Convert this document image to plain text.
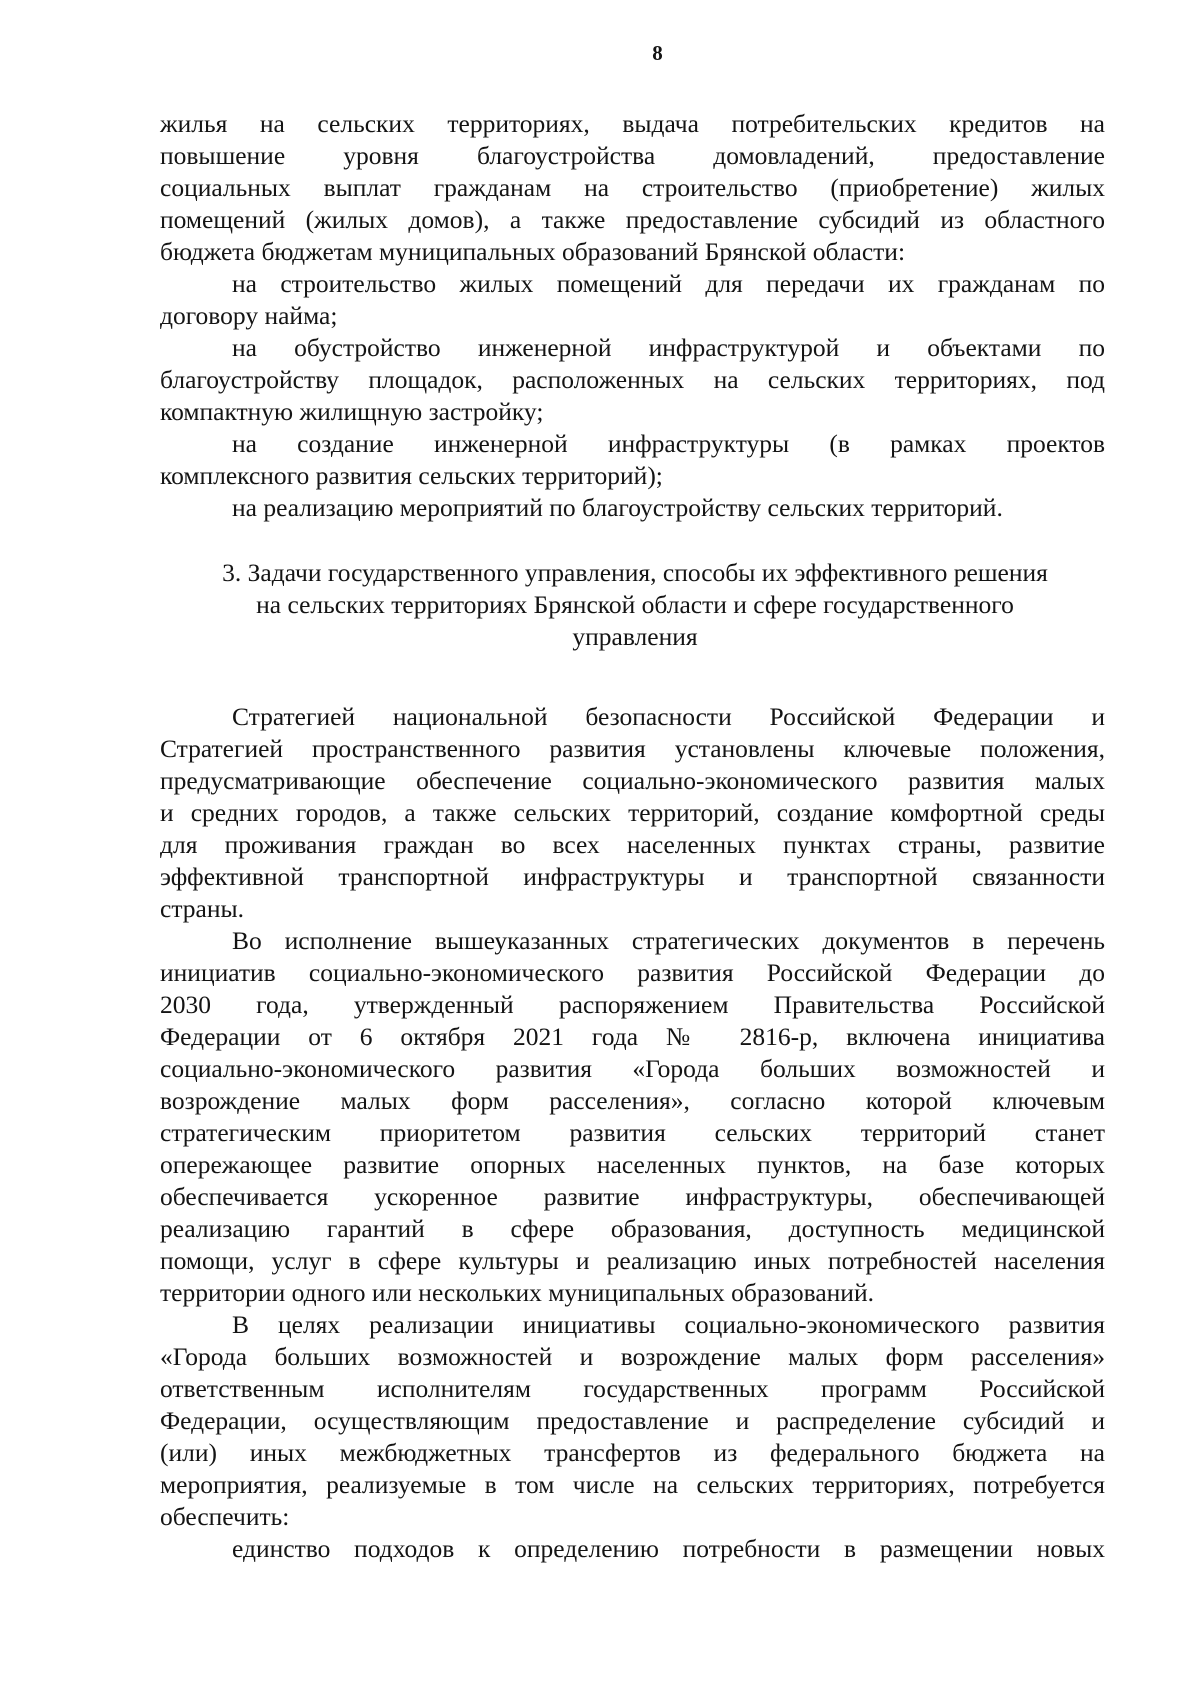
8
жилья на сельских территориях, выдача потребительских кредитов на
повышение уровня благоустройства домовладений, предоставление
социальных выплат гражданам на строительство (приобретение) жилых
помещений (жилых домов), а также предоставление субсидий из областного
бюджета бюджетам муниципальных образований Брянской области:
на строительство жилых помещений для передачи их гражданам по
договору найма;
на обустройство инженерной инфраструктурой и объектами по
благоустройству площадок, расположенных на сельских территориях, под
компактную жилищную застройку;
на создание инженерной инфраструктуры (в рамках проектов
комплексного развития сельских территорий);
на реализацию мероприятий по благоустройству сельских территорий.
3. Задачи государственного управления, способы их эффективного решения
на сельских территориях Брянской области и сфере государственного
управления
Стратегией национальной безопасности Российской Федерации и
Стратегией пространственного развития установлены ключевые положения,
предусматривающие обеспечение социально-экономического развития малых
и средних городов, а также сельских территорий, создание комфортной среды
для проживания граждан во всех населенных пунктах страны, развитие
эффективной транспортной инфраструктуры и транспортной связанности
страны.
Во исполнение вышеуказанных стратегических документов в перечень
инициатив социально-экономического развития Российской Федерации до
2030 года, утвержденный распоряжением Правительства Российской
Федерации от 6 октября 2021 года № 2816-р, включена инициатива
социально-экономического развития «Города больших возможностей и
возрождение малых форм расселения», согласно которой ключевым
стратегическим приоритетом развития сельских территорий станет
опережающее развитие опорных населенных пунктов, на базе которых
обеспечивается ускоренное развитие инфраструктуры, обеспечивающей
реализацию гарантий в сфере образования, доступность медицинской
помощи, услуг в сфере культуры и реализацию иных потребностей населения
территории одного или нескольких муниципальных образований.
В целях реализации инициативы социально-экономического развития
«Города больших возможностей и возрождение малых форм расселения»
ответственным исполнителям государственных программ Российской
Федерации, осуществляющим предоставление и распределение субсидий и
(или) иных межбюджетных трансфертов из федерального бюджета на
мероприятия, реализуемые в том числе на сельских территориях, потребуется
обеспечить:
единство подходов к определению потребности в размещении новых
